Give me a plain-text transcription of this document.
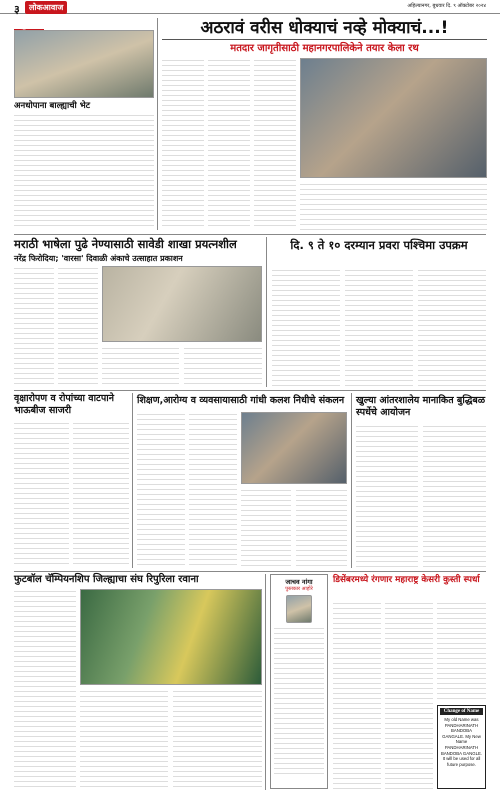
३	लोकआवाज	अहिल्यानगर, बुधवार दि. ९ ऑक्टोबर २०२४
अनधोपाना बाल्ह्याची भेट
अठरावं वरीस धोक्याचं नव्हे मोक्याचं...!
मतदार जागृतीसाठी महानगरपालिकेने तयार केला रथ
मराठी भाषेला पुढे नेण्यासाठी सावेडी शाखा प्रयत्नशील
नरेंद्र फिरोदिया; 'वारसा' दिवाळी अंकाचे उत्साहात प्रकाशन
दि. ९ ते १० दरम्यान प्रवरा पश्चिमा उपक्रम
वृक्षारोपण व रोपांच्या वाटपाने भाऊबीज साजरी
शिक्षण,आरोग्य व व्यवसायासाठी गांधी कलश निधीचे संकलन	खुल्या आंतरशालेय मानाकित बुद्धिबळ स्पर्धेचे आयोजन
फुटबॉल चॅम्पियनशिप जिल्ह्याचा संघ रिपुरिला रवाना	जाचव नांगा
पुस्तकार आहोरे
डिसेंबरमध्ये रंगणार महाराष्ट्र केसरी कुस्ती स्पर्धा
Change of Name
My old Name was PANDHARINATH BANDOBA GANGALE. My New Name PANDHARINATH BANDOBA GANGLE. It will be used for all future purpose.
